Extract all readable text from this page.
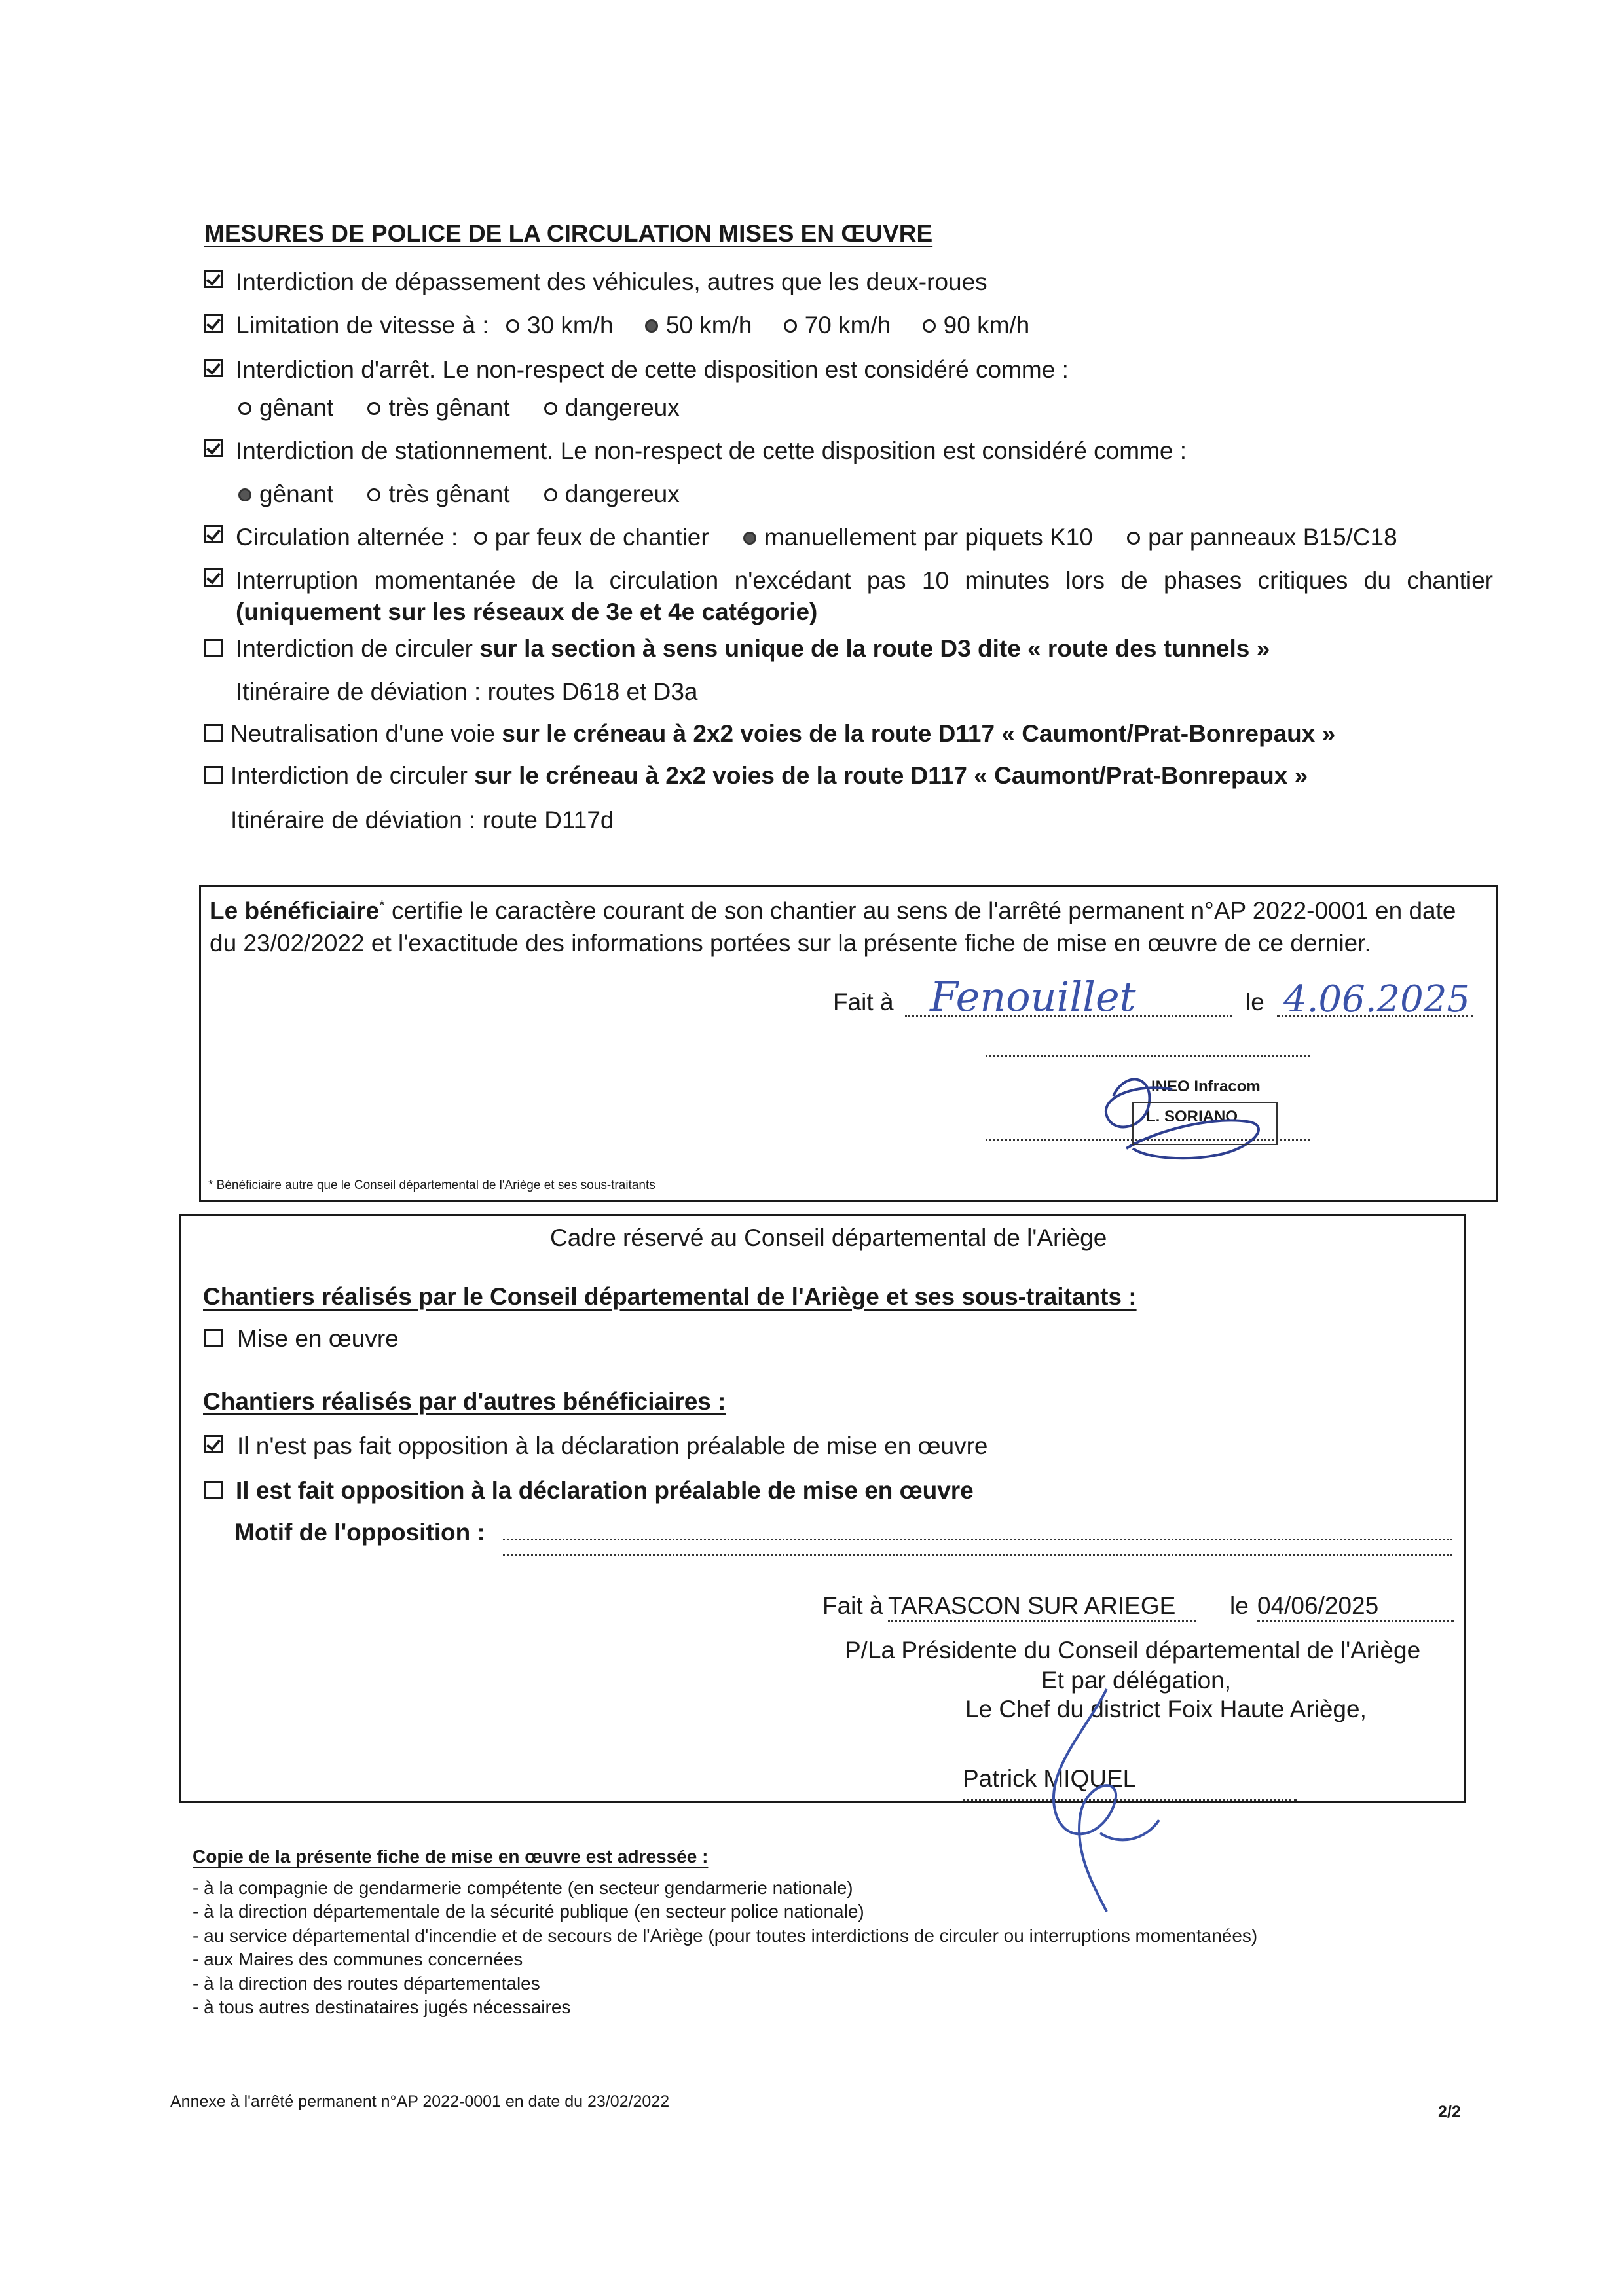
MESURES DE POLICE DE LA CIRCULATION MISES EN ŒUVRE
Interdiction de dépassement des véhicules, autres que les deux-roues
Limitation de vitesse à : 30 km/h 50 km/h 70 km/h 90 km/h
Interdiction d'arrêt. Le non-respect de cette disposition est considéré comme :
gênant très gênant dangereux
Interdiction de stationnement. Le non-respect de cette disposition est considéré comme :
gênant très gênant dangereux
Circulation alternée : par feux de chantier manuellement par piquets K10 par panneaux B15/C18
Interruption momentanée de la circulation n'excédant pas 10 minutes lors de phases critiques du chantier
(uniquement sur les réseaux de 3e et 4e catégorie)
Interdiction de circuler sur la section à sens unique de la route D3 dite « route des tunnels »
Itinéraire de déviation : routes D618 et D3a
Neutralisation d'une voie sur le créneau à 2x2 voies de la route D117 « Caumont/Prat-Bonrepaux »
Interdiction de circuler sur le créneau à 2x2 voies de la route D117 « Caumont/Prat-Bonrepaux »
Itinéraire de déviation : route D117d
Le bénéficiaire* certifie le caractère courant de son chantier au sens de l'arrêté permanent n°AP 2022-0001 en date
du 23/02/2022 et l'exactitude des informations portées sur la présente fiche de mise en œuvre de ce dernier.
Fait à Fenouillet	le 4.06.2025
INEO Infracom
L. SORIANO
* Bénéficiaire autre que le Conseil départemental de l'Ariège et ses sous-traitants
Cadre réservé au Conseil départemental de l'Ariège
Chantiers réalisés par le Conseil départemental de l'Ariège et ses sous-traitants :
Mise en œuvre
Chantiers réalisés par d'autres bénéficiaires :
Il n'est pas fait opposition à la déclaration préalable de mise en œuvre
Il est fait opposition à la déclaration préalable de mise en œuvre
Motif de l'opposition :
Fait à TARASCON SUR ARIEGE le 04/06/2025
P/La Présidente du Conseil départemental de l'Ariège
Et par délégation,
Le Chef du district Foix Haute Ariège,
Patrick MIQUEL
Copie de la présente fiche de mise en œuvre est adressée :
- à la compagnie de gendarmerie compétente (en secteur gendarmerie nationale)
- à la direction départementale de la sécurité publique (en secteur police nationale)
- au service départemental d'incendie et de secours de l'Ariège (pour toutes interdictions de circuler ou interruptions momentanées)
- aux Maires des communes concernées
- à la direction des routes départementales
- à tous autres destinataires jugés nécessaires
Annexe à l'arrêté permanent n°AP 2022-0001 en date du 23/02/2022
2/2
